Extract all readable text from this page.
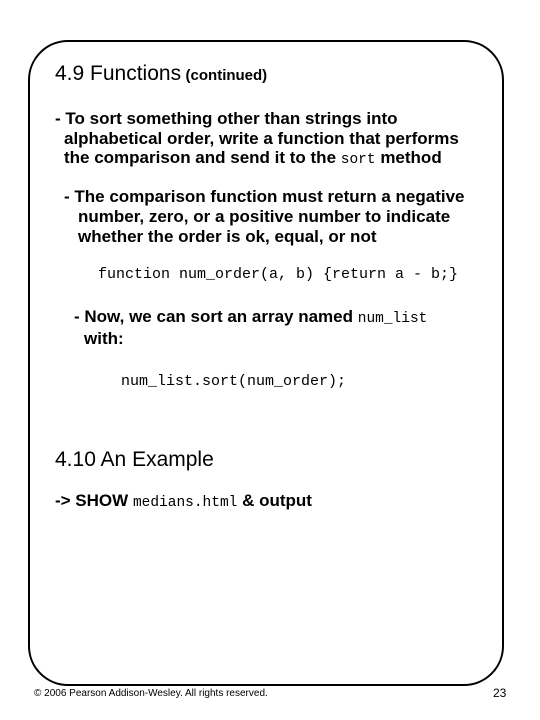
4.9 Functions (continued)
- To sort something other than strings into
alphabetical order, write a function that performs
the comparison and send it to the sort method
- The comparison function must return a negative
number, zero, or a positive number to indicate
whether the order is ok, equal, or not
function num_order(a, b) {return a - b;}
- Now, we can sort an array named num_list
with:
num_list.sort(num_order);
4.10 An Example
-> SHOW medians.html & output
© 2006 Pearson Addison-Wesley. All rights reserved.	23
